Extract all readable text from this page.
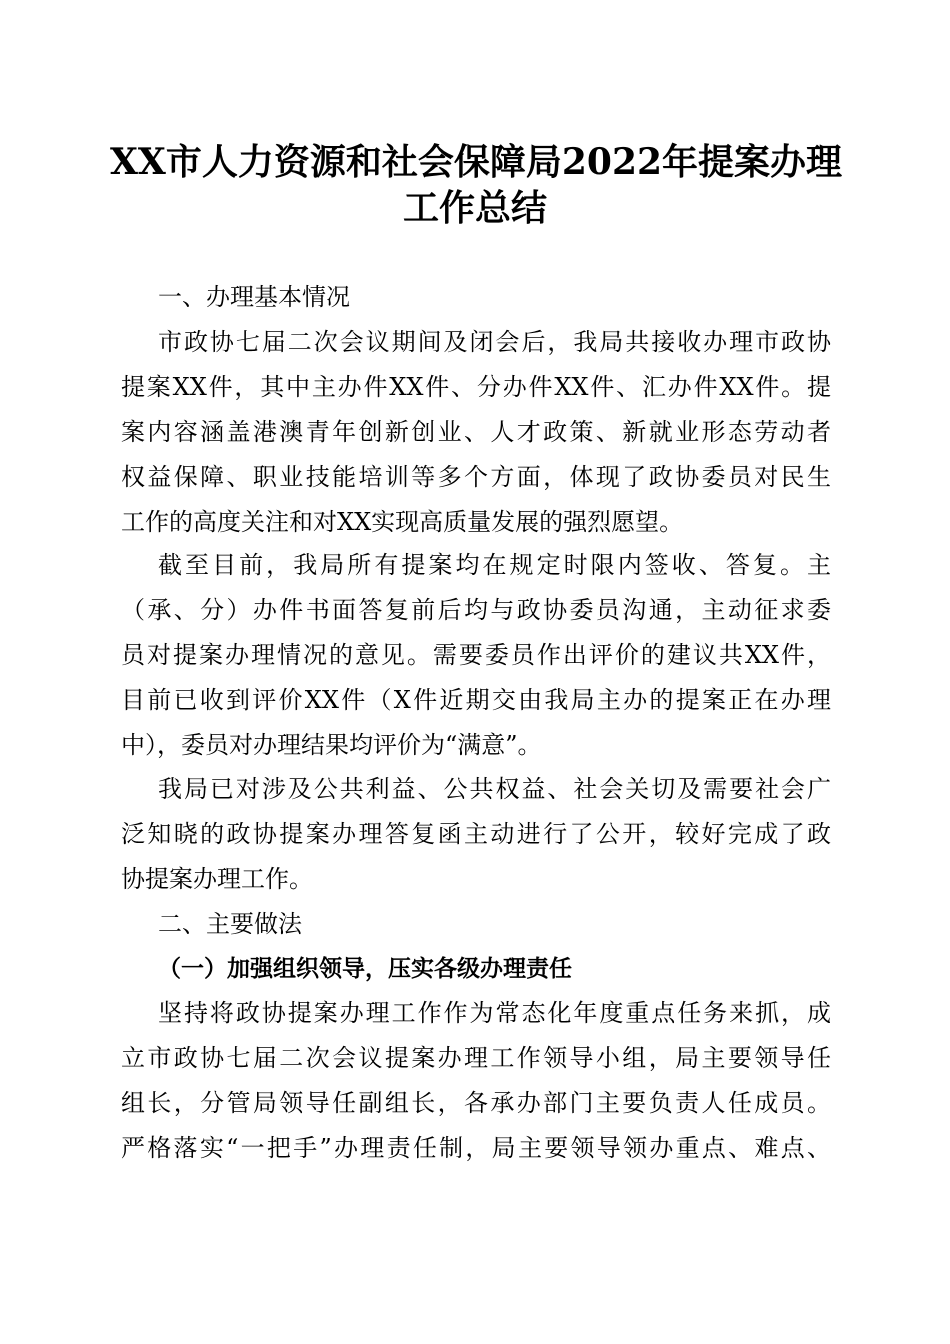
XX市人力资源和社会保障局2022年提案办理
工作总结
一、办理基本情况
市政协七届二次会议期间及闭会后，我局共接收办理市政协
提案XX件，其中主办件XX件、分办件XX件、汇办件XX件。提
案内容涵盖港澳青年创新创业、人才政策、新就业形态劳动者
权益保障、职业技能培训等多个方面，体现了政协委员对民生
工作的高度关注和对XX实现高质量发展的强烈愿望。
截至目前，我局所有提案均在规定时限内签收、答复。主
（承、分）办件书面答复前后均与政协委员沟通，主动征求委
员对提案办理情况的意见。需要委员作出评价的建议共XX件，
目前已收到评价XX件（X件近期交由我局主办的提案正在办理
中），委员对办理结果均评价为“满意”。
我局已对涉及公共利益、公共权益、社会关切及需要社会广
泛知晓的政协提案办理答复函主动进行了公开，较好完成了政
协提案办理工作。
二、主要做法
（一）加强组织领导，压实各级办理责任
坚持将政协提案办理工作作为常态化年度重点任务来抓，成
立市政协七届二次会议提案办理工作领导小组，局主要领导任
组长，分管局领导任副组长，各承办部门主要负责人任成员。
严格落实“一把手”办理责任制，局主要领导领办重点、难点、
